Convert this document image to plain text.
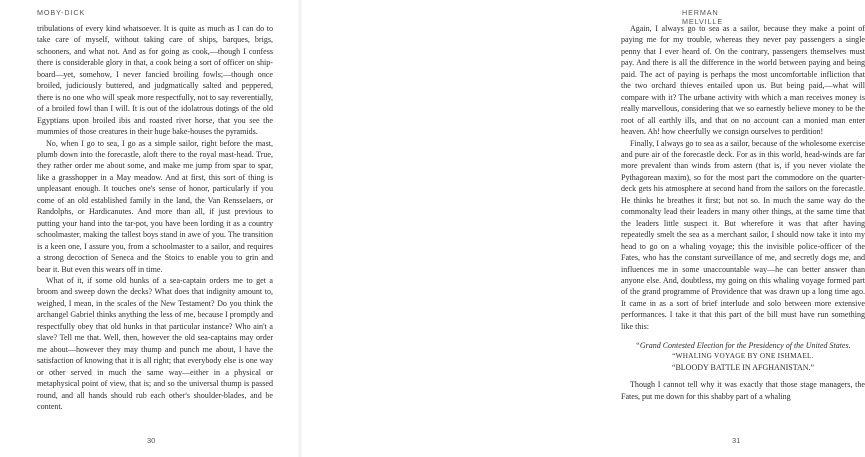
MOBY-DICK

tribulations of every kind whatsoever. It is quite as much as I can do to take care of myself, without taking care of ships, barques, brigs, schooners, and what not. And as for going as cook,—though I confess there is considerable glory in that, a cook being a sort of officer on ship-board—yet, somehow, I never fancied broiling fowls;—though once broiled, judiciously buttered, and judgmatically salted and peppered, there is no one who will speak more respectfully, not to say reverentially, of a broiled fowl than I will. It is out of the idolatrous dotings of the old Egyptians upon broiled ibis and roasted river horse, that you see the mummies of those creatures in their huge bake-houses the pyramids.

No, when I go to sea, I go as a simple sailor, right before the mast, plumb down into the forecastle, aloft there to the royal mast-head. True, they rather order me about some, and make me jump from spar to spar, like a grasshopper in a May meadow. And at first, this sort of thing is unpleasant enough. It touches one's sense of honor, particularly if you come of an old established family in the land, the Van Rensselaers, or Randolphs, or Hardicanutes. And more than all, if just previous to putting your hand into the tar-pot, you have been lording it as a country schoolmaster, making the tallest boys stand in awe of you. The transition is a keen one, I assure you, from a schoolmaster to a sailor, and requires a strong decoction of Seneca and the Stoics to enable you to grin and bear it. But even this wears off in time.

What of it, if some old hunks of a sea-captain orders me to get a broom and sweep down the decks? What does that indignity amount to, weighed, I mean, in the scales of the New Testament? Do you think the archangel Gabriel thinks anything the less of me, because I promptly and respectfully obey that old hunks in that particular instance? Who ain't a slave? Tell me that. Well, then, however the old sea-captains may order me about—however they may thump and punch me about, I have the satisfaction of knowing that it is all right; that everybody else is one way or other served in much the same way—either in a physical or metaphysical point of view, that is; and so the universal thump is passed round, and all hands should rub each other's shoulder-blades, and be content.

30
HERMAN MELVILLE

Again, I always go to sea as a sailor, because they make a point of paying me for my trouble, whereas they never pay passengers a single penny that I ever heard of. On the contrary, passengers themselves must pay. And there is all the difference in the world between paying and being paid. The act of paying is perhaps the most uncomfortable infliction that the two orchard thieves entailed upon us. But being paid,—what will compare with it? The urbane activity with which a man receives money is really marvellous, considering that we so earnestly believe money to be the root of all earthly ills, and that on no account can a monied man enter heaven. Ah! how cheerfully we consign ourselves to perdition!

Finally, I always go to sea as a sailor, because of the wholesome exercise and pure air of the forecastle deck. For as in this world, head-winds are far more prevalent than winds from astern (that is, if you never violate the Pythagorean maxim), so for the most part the commodore on the quarter-deck gets his atmosphere at second hand from the sailors on the forecastle. He thinks he breathes it first; but not so. In much the same way do the commonalty lead their leaders in many other things, at the same time that the leaders little suspect it. But wherefore it was that after having repeatedly smelt the sea as a merchant sailor, I should now take it into my head to go on a whaling voyage; this the invisible police-officer of the Fates, who has the constant surveillance of me, and secretly dogs me, and influences me in some unaccountable way—he can better answer than anyone else. And, doubtless, my going on this whaling voyage formed part of the grand programme of Providence that was drawn up a long time ago. It came in as a sort of brief interlude and solo between more extensive performances. I take it that this part of the bill must have run something like this:

“Grand Contested Election for the Presidency of the United States.
“WHALING VOYAGE BY ONE ISHMAEL.
“BLOODY BATTLE IN AFGHANISTAN.”

Though I cannot tell why it was exactly that those stage managers, the Fates, put me down for this shabby part of a whaling

31
